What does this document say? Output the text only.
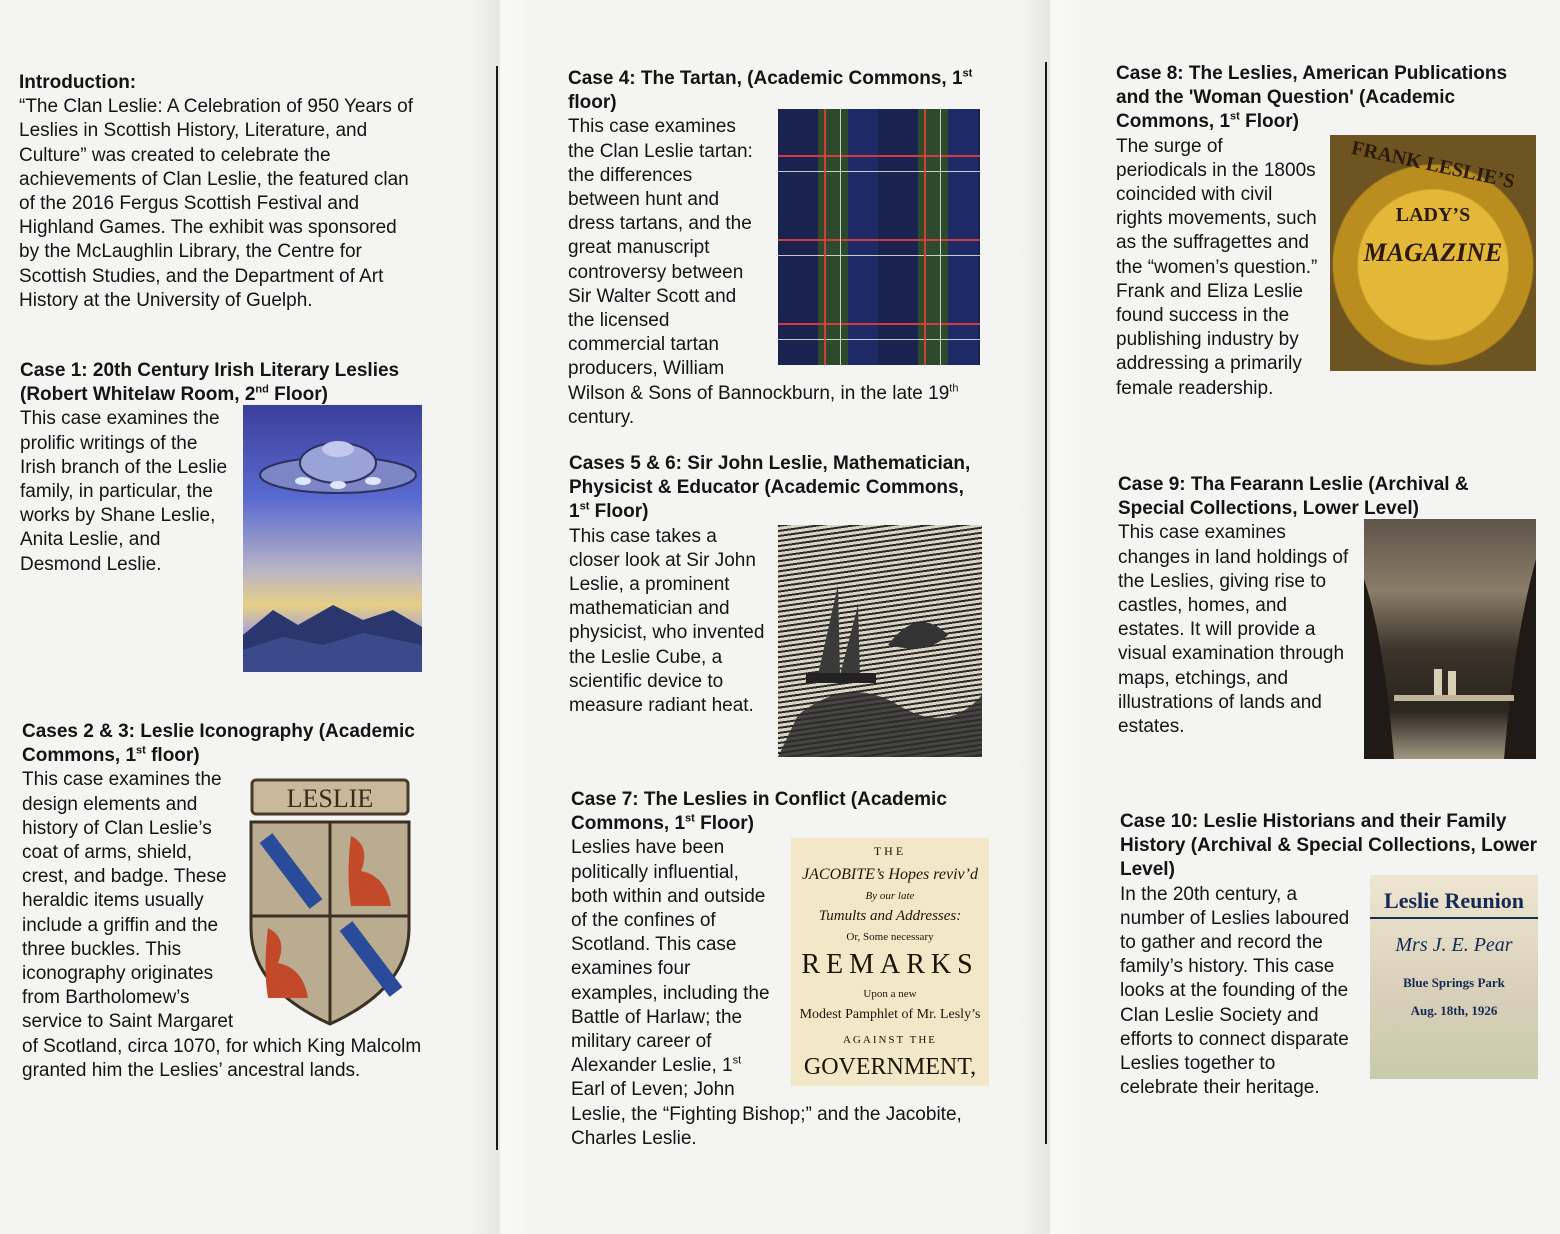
Introduction:

“The Clan Leslie: A Celebration of 950 Years of Leslies in Scottish History, Literature, and Culture” was created to celebrate the achievements of Clan Leslie, the featured clan of the 2016 Fergus Scottish Festival and Highland Games. The exhibit was sponsored by the McLaughlin Library, the Centre for Scottish Studies, and the Department of Art History at the University of Guelph.

Case 1: 20th Century Irish Literary Leslies (Robert Whitelaw Room, 2nd Floor)

This case examines the prolific writings of the Irish branch of the Leslie family, in particular, the works by Shane Leslie, Anita Leslie, and Desmond Leslie.

Cases 2 & 3: Leslie Iconography (Academic Commons, 1st floor)
LESLIE

This case examines the design elements and history of Clan Leslie’s coat of arms, shield, crest, and badge. These heraldic items usually include a griffin and the three buckles. This iconography originates from Bartholomew’s service to Saint Margaret of Scotland, circa 1070, for which King Malcolm granted him the Leslies’ ancestral lands.

Case 4: The Tartan, (Academic Commons, 1st floor)

This case examines the Clan Leslie tartan: the differences between hunt and dress tartans, and the great manuscript controversy between Sir Walter Scott and the licensed commercial tartan producers, William Wilson & Sons of Bannockburn, in the late 19th century.

Cases 5 & 6: Sir John Leslie, Mathematician, Physicist & Educator (Academic Commons, 1st Floor)

This case takes a closer look at Sir John Leslie, a prominent mathematician and physicist, who invented the Leslie Cube, a scientific device to measure radiant heat.

Case 7: The Leslies in Conflict (Academic Commons, 1st Floor)
THE
JACOBITE’s Hopes reviv’d
By our late
Tumults and Addresses:
Or, Some necessary
REMARKS
Upon a new
Modest Pamphlet of Mr. Lesly’s
AGAINST THE
GOVERNMENT,

Leslies have been politically influential, both within and outside of the confines of Scotland. This case examines four examples, including the Battle of Harlaw; the military career of Alexander Leslie, 1st Earl of Leven; John Leslie, the “Fighting Bishop;” and the Jacobite, Charles Leslie.

Case 8: The Leslies, American Publications and the 'Woman Question' (Academic Commons, 1st Floor)
FRANK LESLIE’S
LADY’S
MAGAZINE

The surge of periodicals in the 1800s coincided with civil rights movements, such as the suffragettes and the “women’s question.” Frank and Eliza Leslie found success in the publishing industry by addressing a primarily female readership.

Case 9: Tha Fearann Leslie (Archival & Special Collections, Lower Level)

This case examines changes in land holdings of the Leslies, giving rise to castles, homes, and estates. It will provide a visual examination through maps, etchings, and illustrations of lands and estates.

Case 10: Leslie Historians and their Family History (Archival & Special Collections, Lower Level)
Leslie Reunion
Mrs J. E. Pear
Blue Springs Park
Aug. 18th, 1926

In the 20th century, a number of Leslies laboured to gather and record the family’s history. This case looks at the founding of the Clan Leslie Society and efforts to connect disparate Leslies together to celebrate their heritage.
